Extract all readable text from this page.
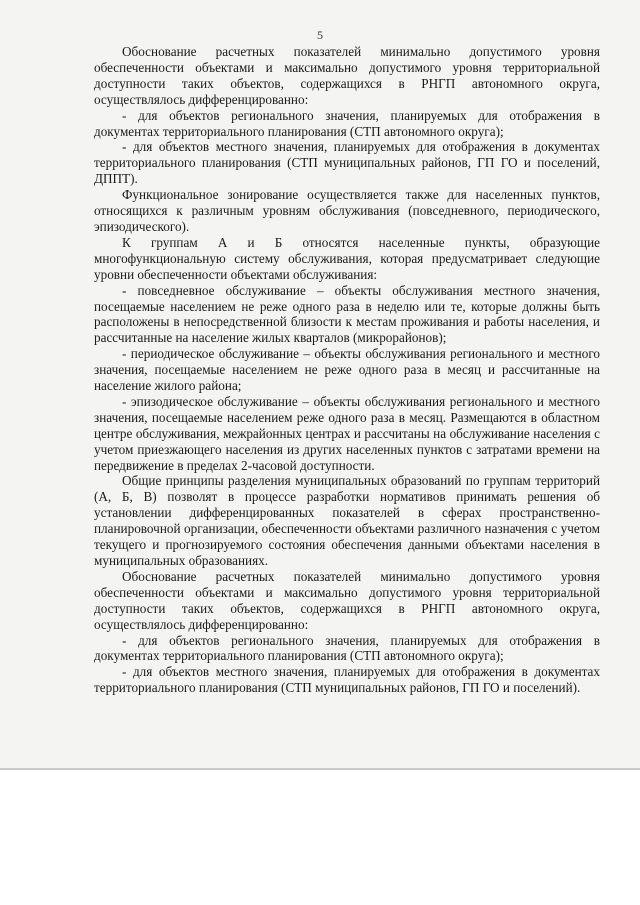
5

Обоснование расчетных показателей минимально допустимого уровня обеспеченности объектами и максимально допустимого уровня территориальной доступности таких объектов, содержащихся в РНГП автономного округа, осуществлялось дифференцированно:

- для объектов регионального значения, планируемых для отображения в документах территориального планирования (СТП автономного округа);

- для объектов местного значения, планируемых для отображения в документах территориального планирования (СТП муниципальных районов, ГП ГО и поселений, ДППТ).

Функциональное зонирование осуществляется также для населенных пунктов, относящихся к различным уровням обслуживания (повседневного, периодического, эпизодического).

К группам А и Б относятся населенные пункты, образующие многофункциональную систему обслуживания, которая предусматривает следующие уровни обеспеченности объектами обслуживания:

- повседневное обслуживание – объекты обслуживания местного значения, посещаемые населением не реже одного раза в неделю или те, которые должны быть расположены в непосредственной близости к местам проживания и работы населения, и рассчитанные на население жилых кварталов (микрорайонов);

- периодическое обслуживание – объекты обслуживания регионального и местного значения, посещаемые населением не реже одного раза в месяц и рассчитанные на население жилого района;

- эпизодическое обслуживание – объекты обслуживания регионального и местного значения, посещаемые населением реже одного раза в месяц. Размещаются в областном центре обслуживания, межрайонных центрах и рассчитаны на обслуживание населения с учетом приезжающего населения из других населенных пунктов с затратами времени на передвижение в пределах 2-часовой доступности.

Общие принципы разделения муниципальных образований по группам территорий (А, Б, В) позволят в процессе разработки нормативов принимать решения об установлении дифференцированных показателей в сферах пространственно-планировочной организации, обеспеченности объектами различного назначения с учетом текущего и прогнозируемого состояния обеспечения данными объектами населения в муниципальных образованиях.

Обоснование расчетных показателей минимально допустимого уровня обеспеченности объектами и максимально допустимого уровня территориальной доступности таких объектов, содержащихся в РНГП автономного округа, осуществлялось дифференцированно:

- для объектов регионального значения, планируемых для отображения в документах территориального планирования (СТП автономного округа);

- для объектов местного значения, планируемых для отображения в документах территориального планирования (СТП муниципальных районов, ГП ГО и поселений).
